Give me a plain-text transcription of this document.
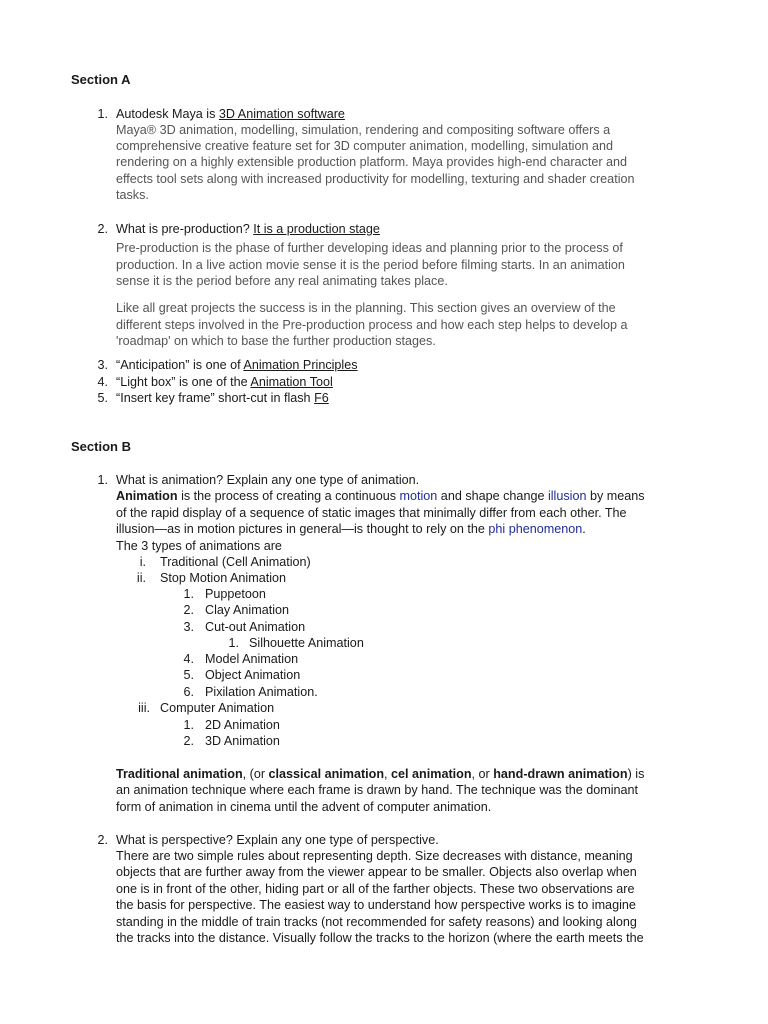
Section A
1. Autodesk Maya is 3D Animation software
Maya® 3D animation, modelling, simulation, rendering and compositing software offers a
comprehensive creative feature set for 3D computer animation, modelling, simulation and
rendering on a highly extensible production platform. Maya provides high-end character and
effects tool sets along with increased productivity for modelling, texturing and shader creation
tasks.
2. What is pre-production? It is a production stage
Pre-production is the phase of further developing ideas and planning prior to the process of
production. In a live action movie sense it is the period before filming starts. In an animation
sense it is the period before any real animating takes place.
Like all great projects the success is in the planning. This section gives an overview of the
different steps involved in the Pre-production process and how each step helps to develop a
'roadmap' on which to base the further production stages.
3. “Anticipation” is one of Animation Principles
4. “Light box” is one of the Animation Tool
5. “Insert key frame” short-cut in flash F6
Section B
1. What is animation? Explain any one type of animation.
Animation is the process of creating a continuous motion and shape change illusion by means
of the rapid display of a sequence of static images that minimally differ from each other. The
illusion—as in motion pictures in general—is thought to rely on the phi phenomenon.
The 3 types of animations are
i. Traditional (Cell Animation)
ii. Stop Motion Animation
1. Puppetoon
2. Clay Animation
3. Cut-out Animation
1. Silhouette Animation
4. Model Animation
5. Object Animation
6. Pixilation Animation.
iii. Computer Animation
1. 2D Animation
2. 3D Animation
Traditional animation, (or classical animation, cel animation, or hand-drawn animation) is
an animation technique where each frame is drawn by hand. The technique was the dominant
form of animation in cinema until the advent of computer animation.
2. What is perspective? Explain any one type of perspective.
There are two simple rules about representing depth. Size decreases with distance, meaning
objects that are further away from the viewer appear to be smaller. Objects also overlap when
one is in front of the other, hiding part or all of the farther objects. These two observations are
the basis for perspective. The easiest way to understand how perspective works is to imagine
standing in the middle of train tracks (not recommended for safety reasons) and looking along
the tracks into the distance. Visually follow the tracks to the horizon (where the earth meets the
